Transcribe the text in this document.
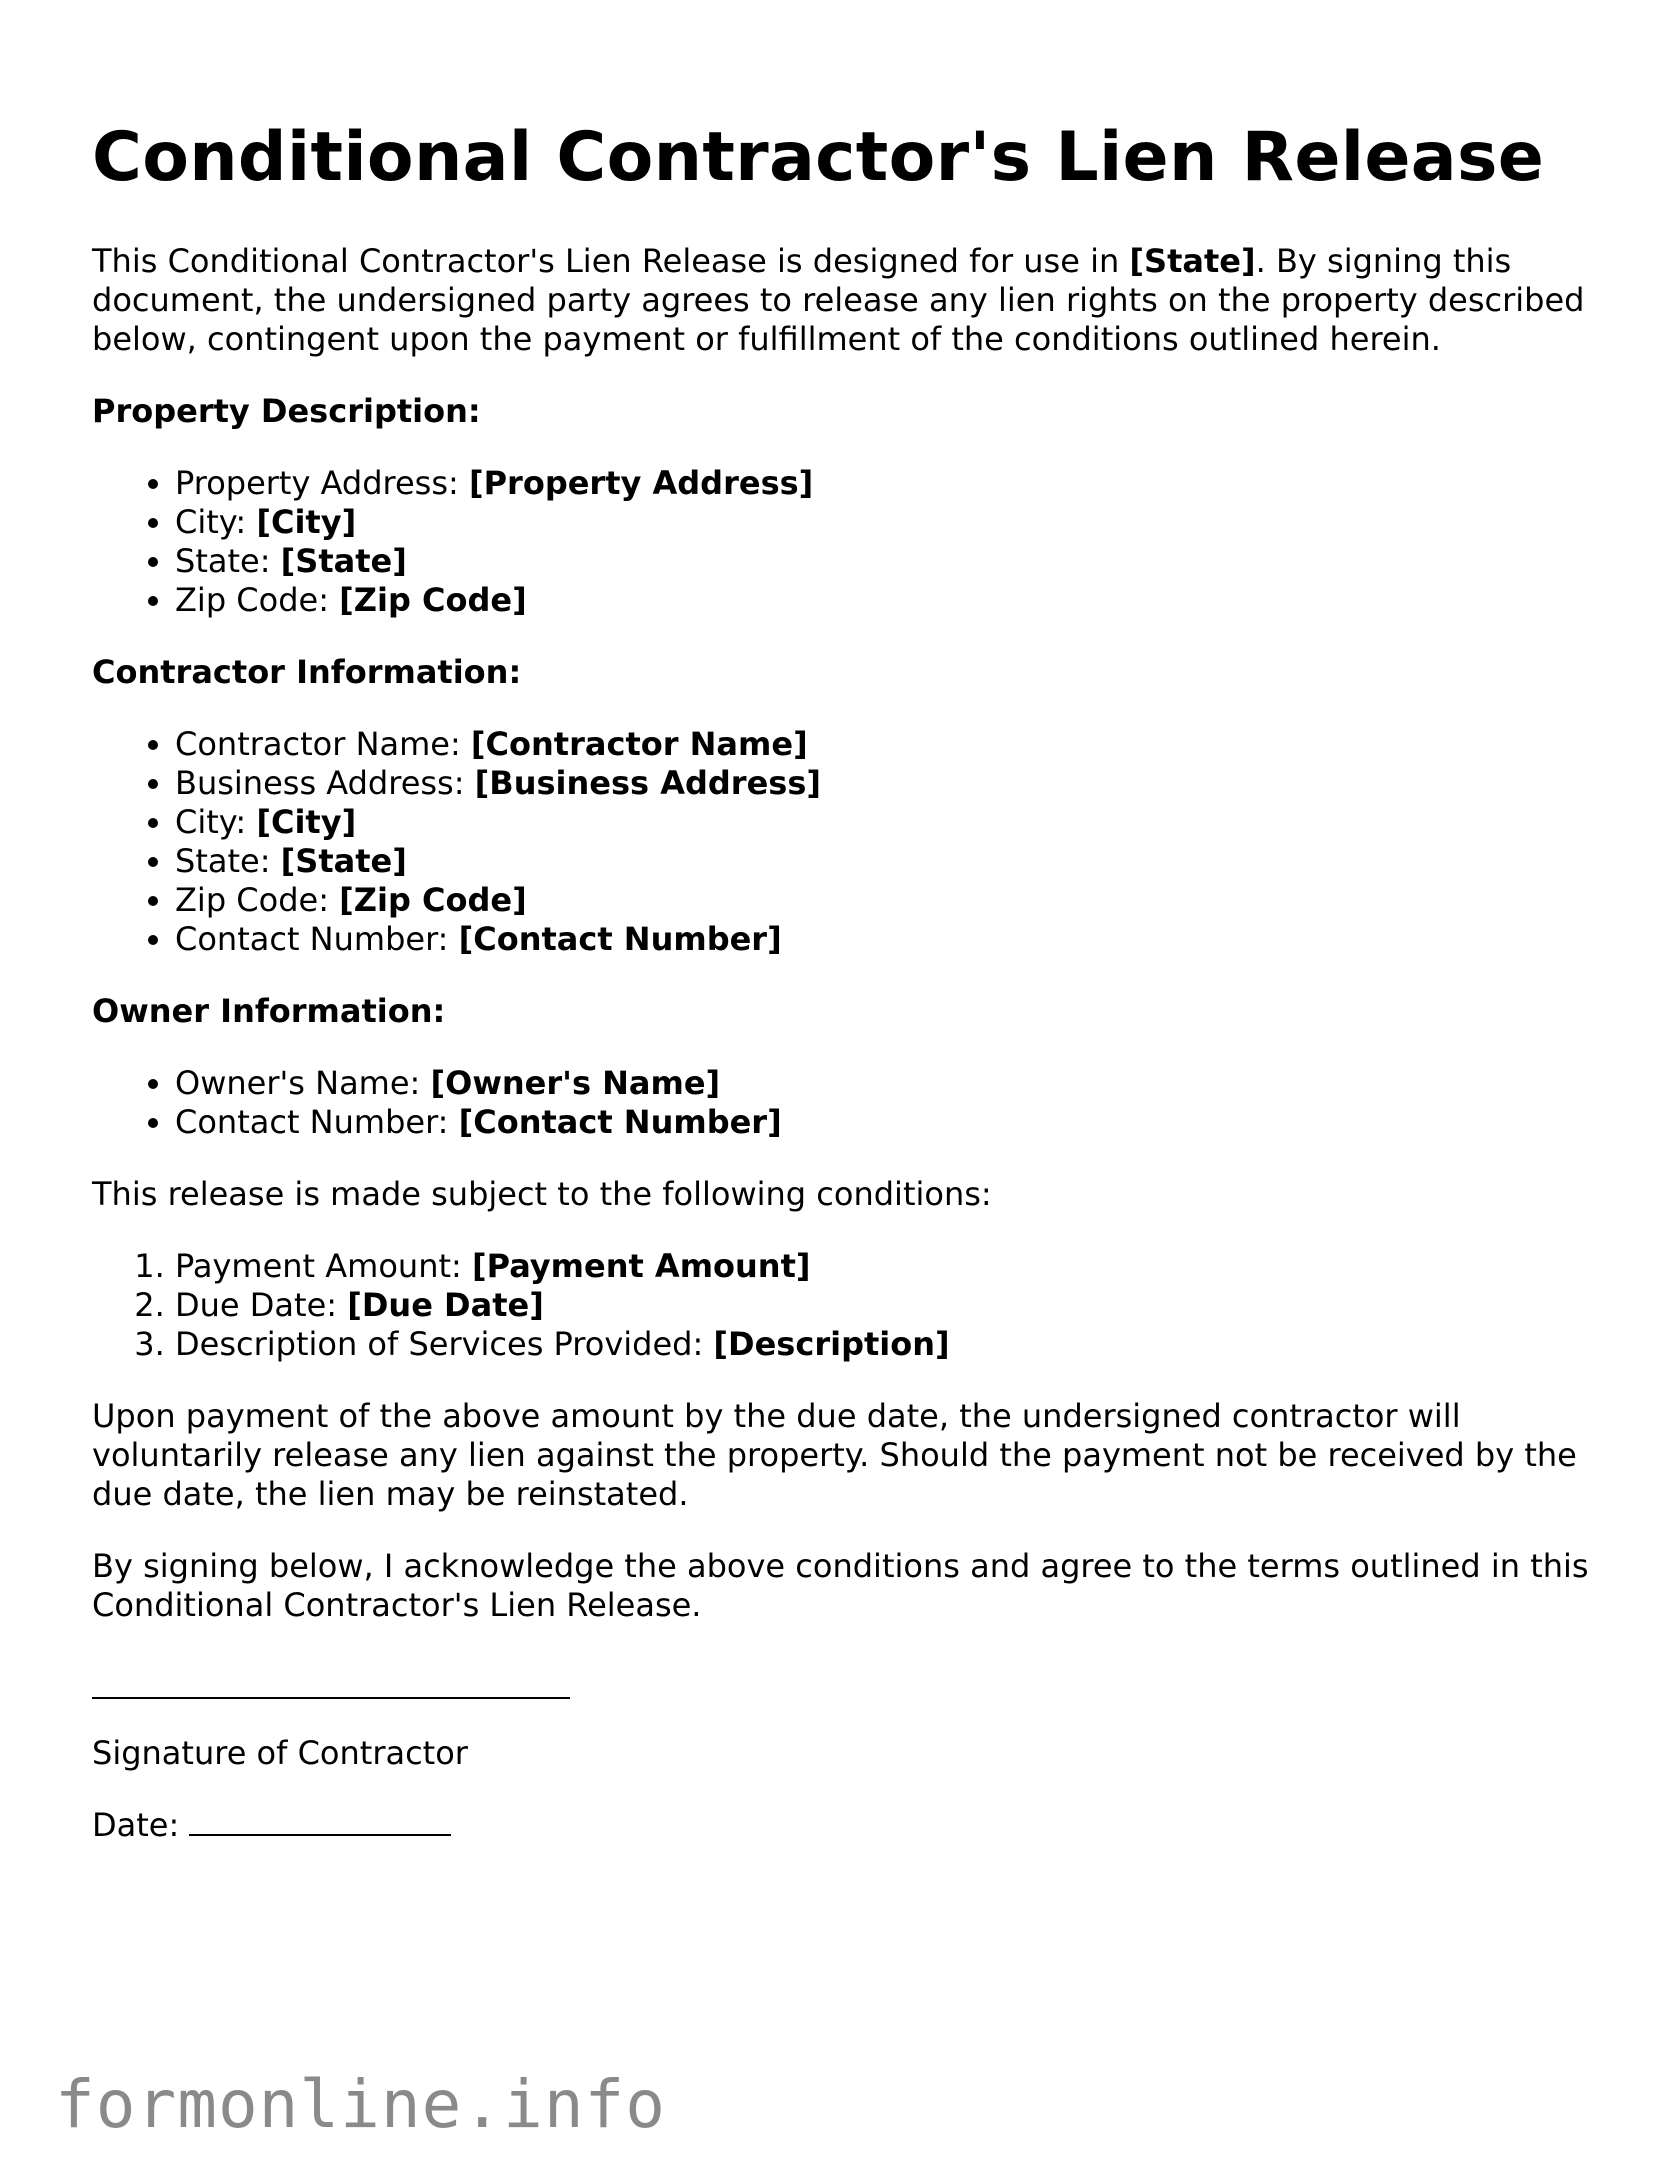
Conditional Contractor's Lien Release

This Conditional Contractor's Lien Release is designed for use in [State]. By signing this document, the undersigned party agrees to release any lien rights on the property described below, contingent upon the payment or fulfillment of the conditions outlined herein.

Property Description:

• Property Address: [Property Address]
• City: [City]
• State: [State]
• Zip Code: [Zip Code]

Contractor Information:

• Contractor Name: [Contractor Name]
• Business Address: [Business Address]
• City: [City]
• State: [State]
• Zip Code: [Zip Code]
• Contact Number: [Contact Number]

Owner Information:

• Owner's Name: [Owner's Name]
• Contact Number: [Contact Number]

This release is made subject to the following conditions:

1. Payment Amount: [Payment Amount]
2. Due Date: [Due Date]
3. Description of Services Provided: [Description]

Upon payment of the above amount by the due date, the undersigned contractor will voluntarily release any lien against the property. Should the payment not be received by the due date, the lien may be reinstated.

By signing below, I acknowledge the above conditions and agree to the terms outlined in this Conditional Contractor's Lien Release.

Signature of Contractor

Date:

formonline.info
